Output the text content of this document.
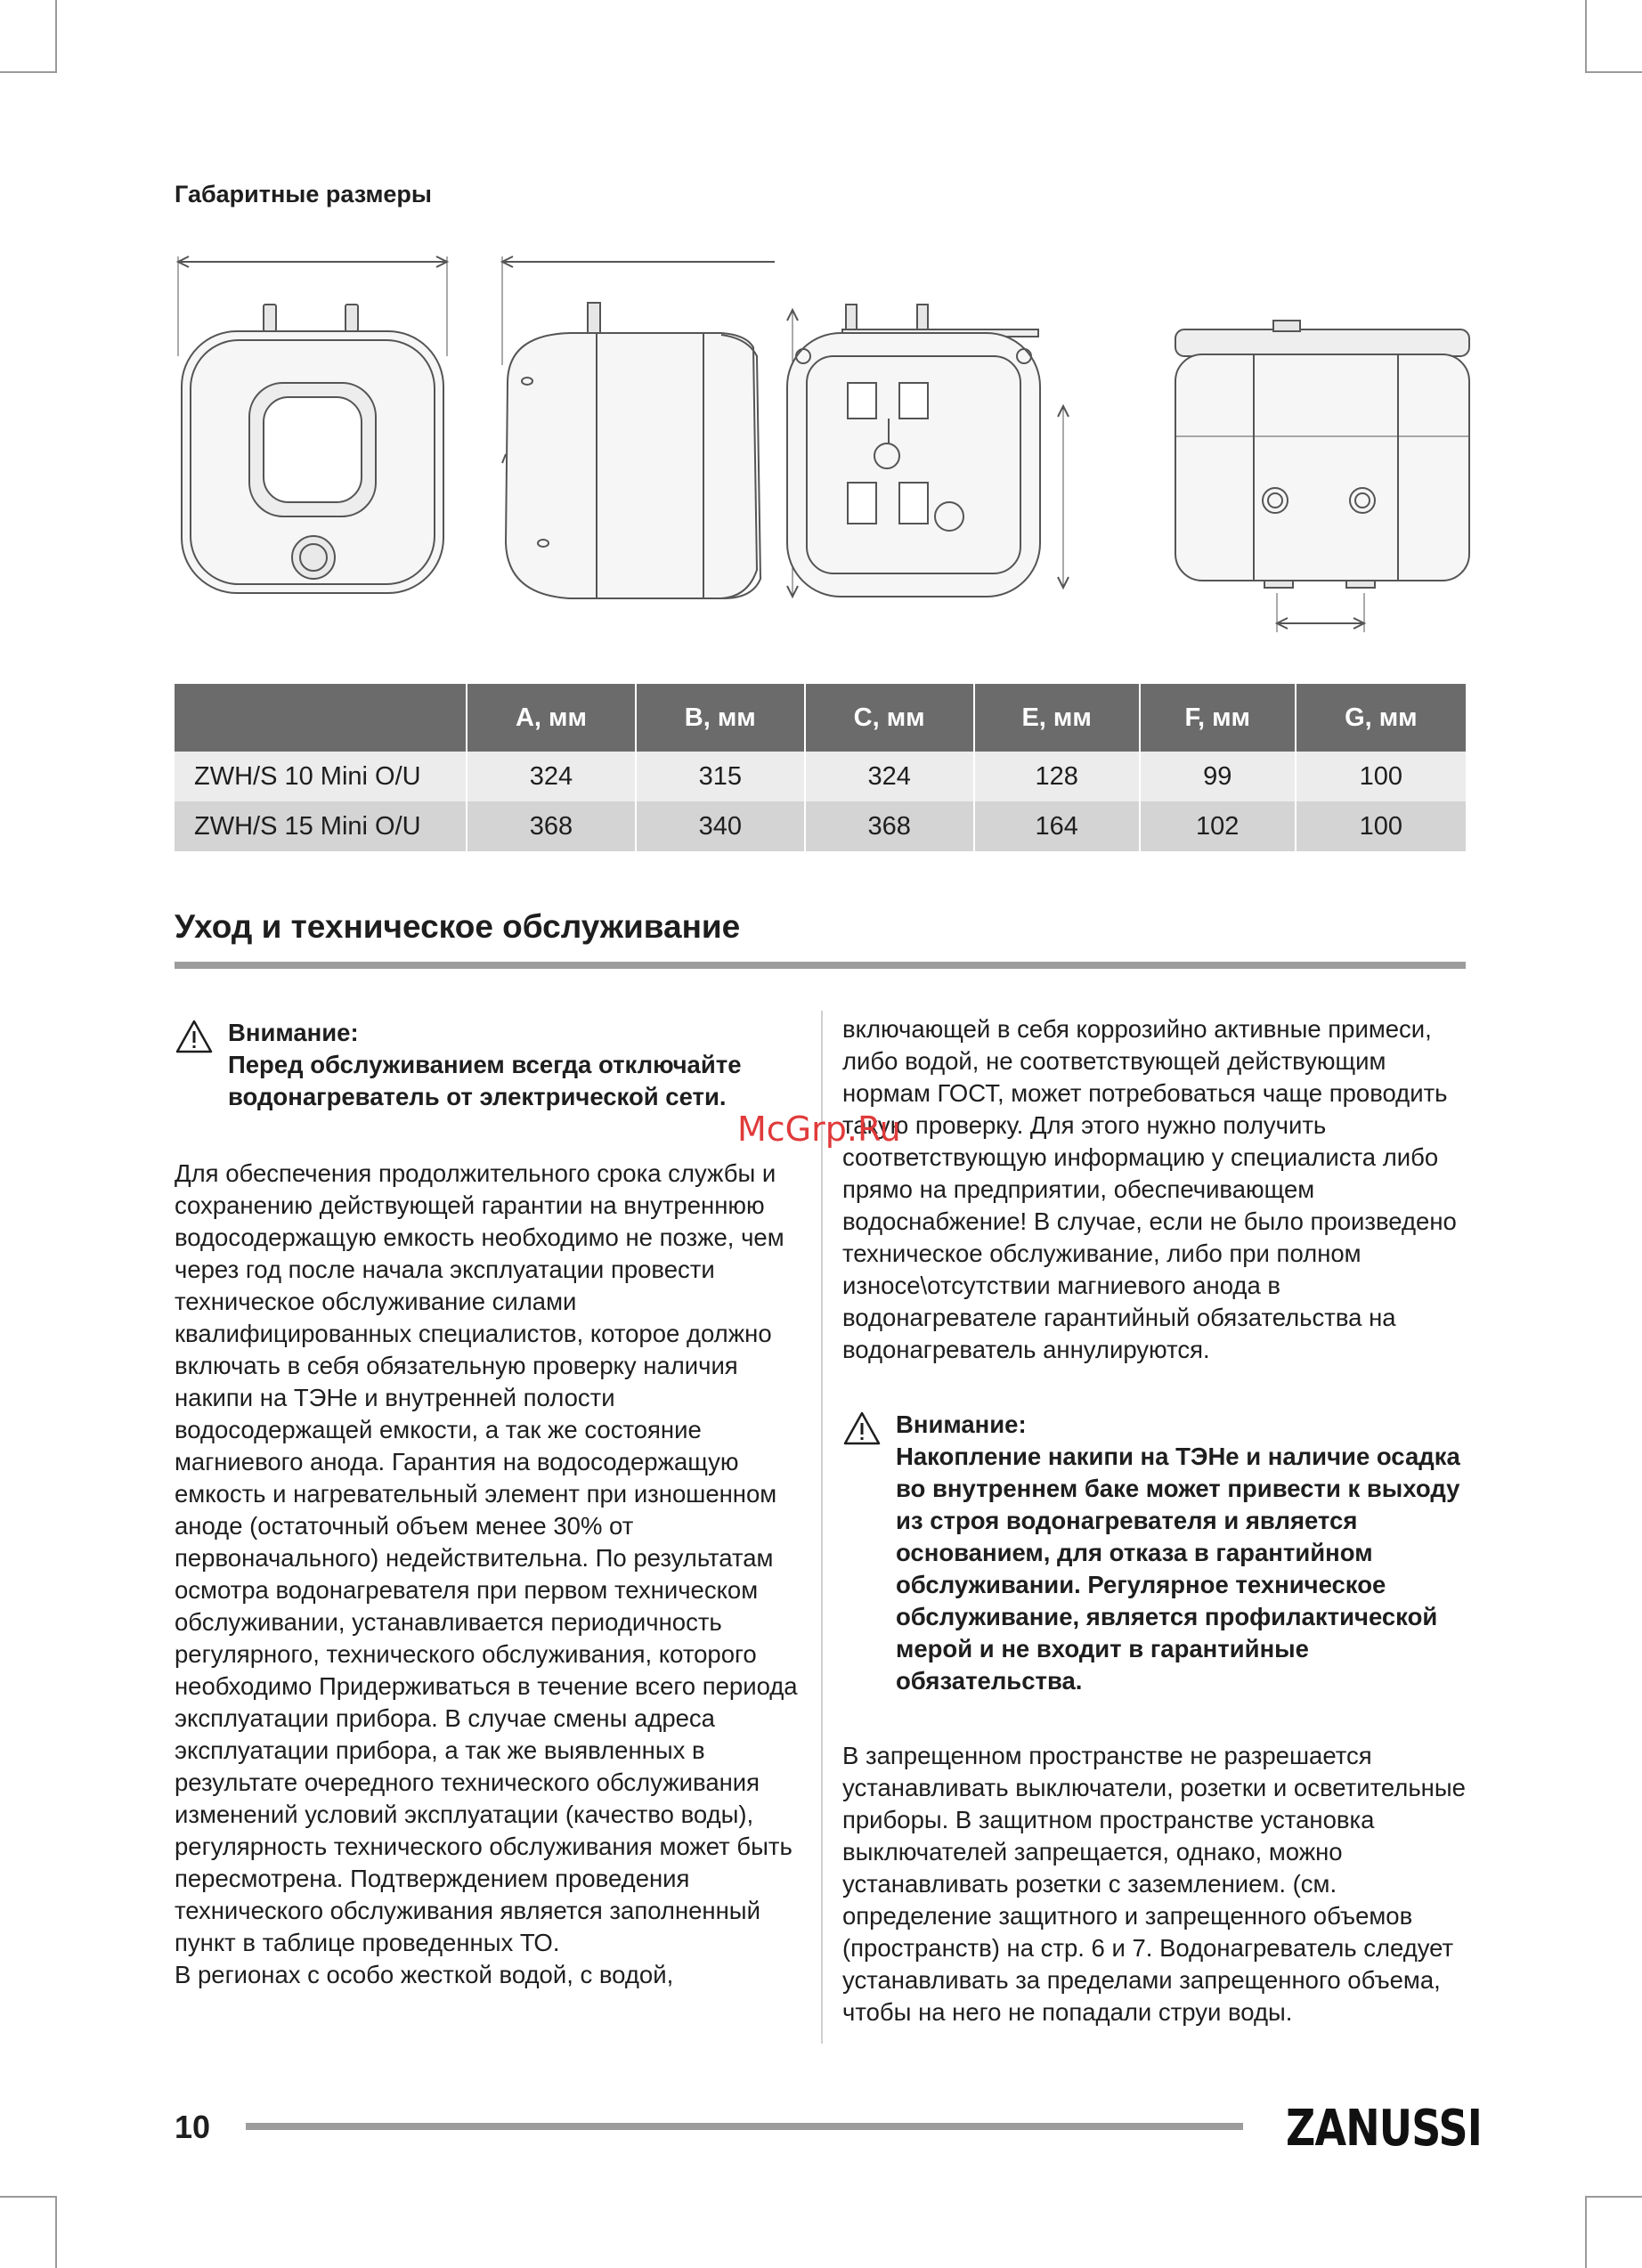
Габаритные размеры
	A, мм	B, мм	C, мм	E, мм	F, мм	G, мм
ZWH/S 10 Mini O/U	324	315	324	128	99	100
ZWH/S 15 Mini O/U	368	340	368	164	102	100
Уход и техническое обслуживание
Внимание:
Перед обслуживанием всегда отключайте водонагреватель от электрической сети.

Для обеспечения продолжительного срока службы и сохранению действующей гарантии на внутреннюю водосодержащую емкость необходимо не позже, чем через год после начала эксплуатации провести техническое обслуживание силами квалифицированных специалистов, которое должно включать в себя обязательную проверку наличия накипи на ТЭНе и внутренней полости водосодержащей емкости, а так же состояние магниевого анода. Гарантия на водосодержащую емкость и нагревательный элемент при изношенном аноде (остаточный объем менее 30% от первоначального) недействительна. По результатам осмотра водонагревателя при первом техническом обслуживании, устанавливается периодичность регулярного, технического обслуживания, которого необходимо Придерживаться в течение всего периода эксплуатации прибора. В случае смены адреса эксплуатации прибора, а так же выявленных в результате очередного технического обслуживания изменений условий эксплуатации (качество воды), регулярность технического обслуживания может быть пересмотрена. Подтверждением проведения технического обслуживания является заполненный пункт в таблице проведенных ТО.

В регионах с особо жесткой водой, с водой,

включающей в себя коррозийно активные примеси, либо водой, не соответствующей действующим нормам ГОСТ, может потребоваться чаще проводить такую проверку. Для этого нужно получить соответствующую информацию у специалиста либо прямо на предприятии, обеспечивающем водоснабжение! В случае, если не было произведено техническое обслуживание, либо при полном износе\отсутствии магниевого анода в водонагревателе гарантийный обязательства на водонагреватель аннулируются.

Внимание:
Накопление накипи на ТЭНе и наличие осадка во внутреннем баке может привести к выходу из строя водонагревателя и является основанием, для отказа в гарантийном обслуживании. Регулярное техническое обслуживание, является профилактической мерой и не входит в гарантийные обязательства.

В запрещенном пространстве не разрешается устанавливать выключатели, розетки и осветительные приборы. В защитном пространстве установка выключателей запрещается, однако, можно устанавливать розетки с заземлением. (см. определение защитного и запрещенного объемов (пространств) на стр. 6 и 7. Водонагреватель следует устанавливать за пределами запрещенного объема, чтобы на него не попадали струи воды.

McGrp.Ru
10	ZANUSSI
